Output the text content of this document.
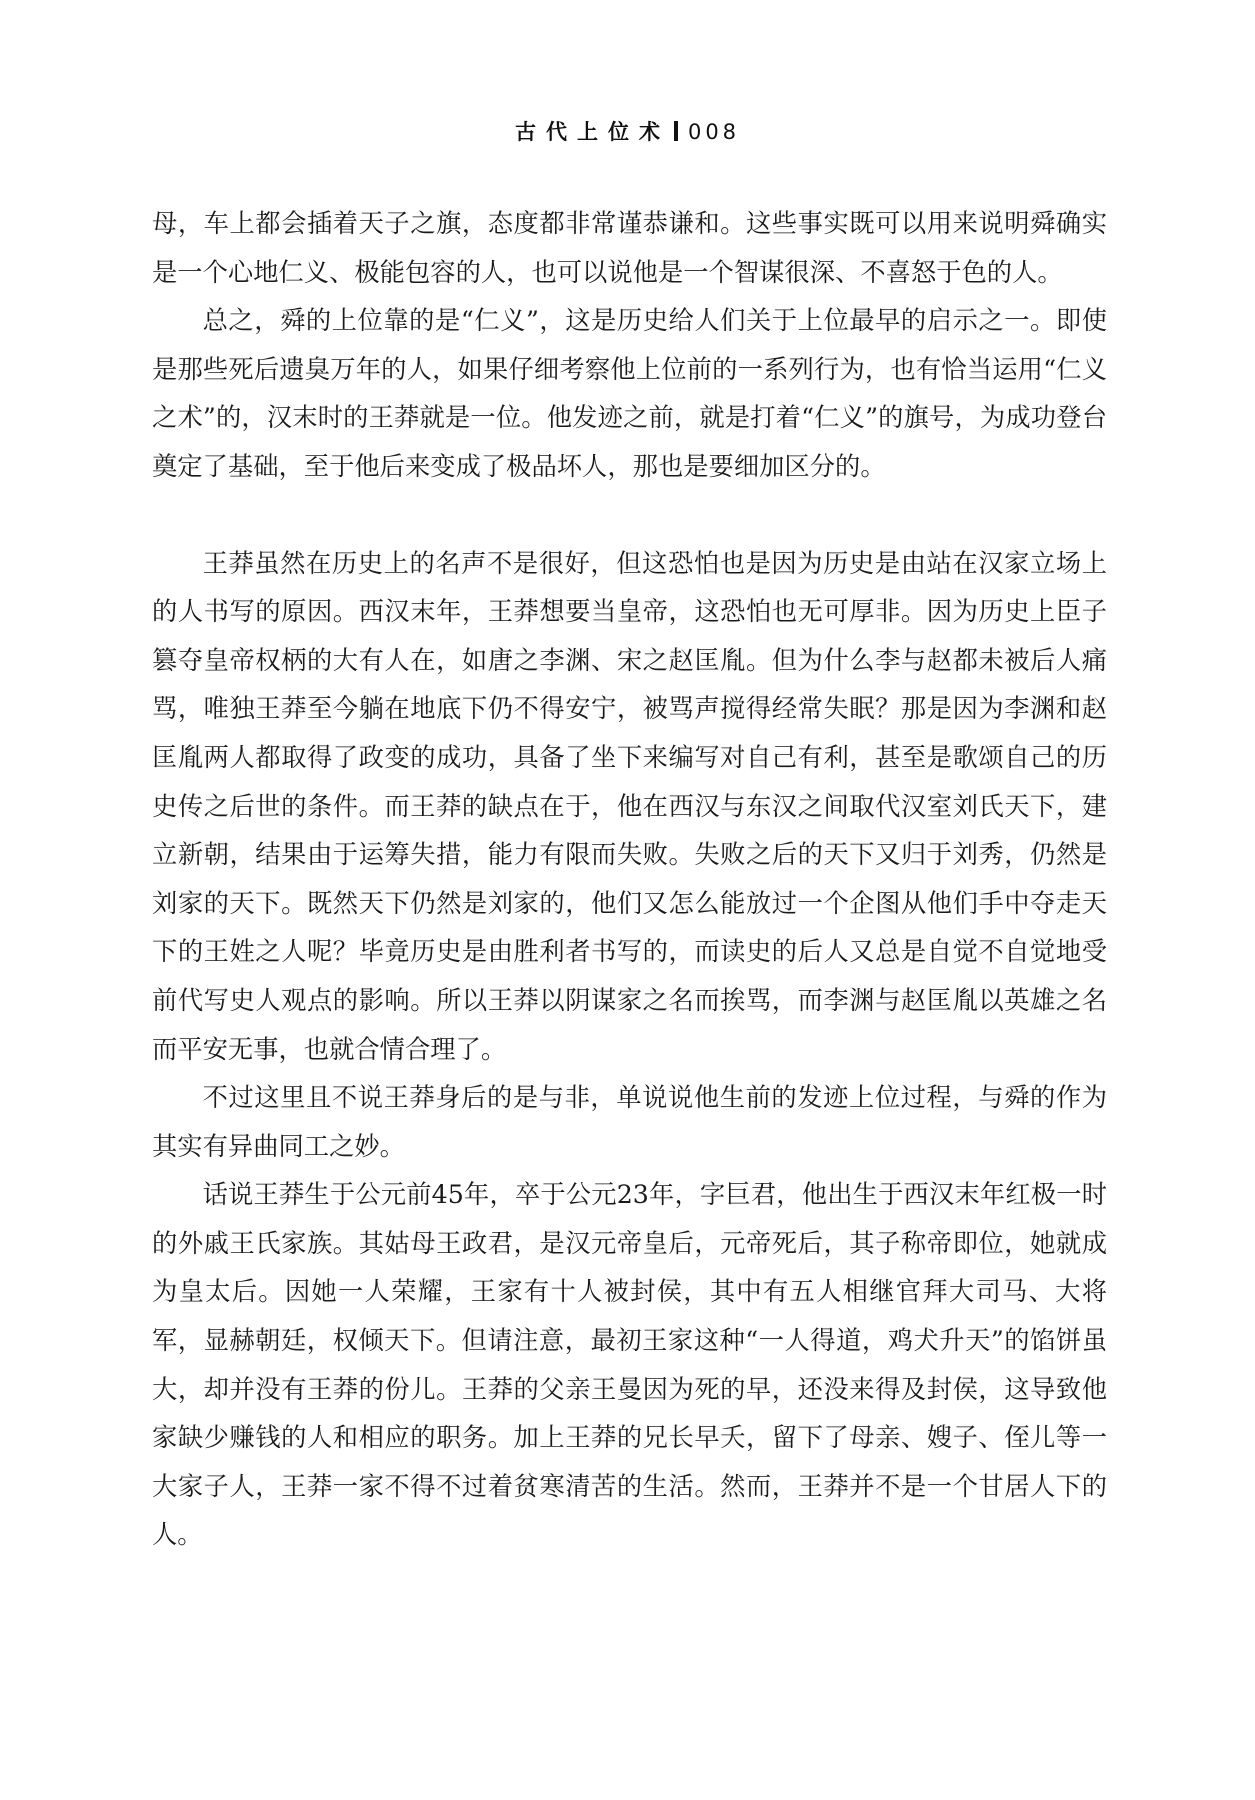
古代上位术 008

母，车上都会插着天子之旗，态度都非常谨恭谦和。这些事实既可以用来说明舜确实是一个心地仁义、极能包容的人，也可以说他是一个智谋很深、不喜怒于色的人。

总之，舜的上位靠的是“仁义”，这是历史给人们关于上位最早的启示之一。即使是那些死后遗臭万年的人，如果仔细考察他上位前的一系列行为，也有恰当运用“仁义之术”的，汉末时的王莽就是一位。他发迹之前，就是打着“仁义”的旗号，为成功登台奠定了基础，至于他后来变成了极品坏人，那也是要细加区分的。

王莽虽然在历史上的名声不是很好，但这恐怕也是因为历史是由站在汉家立场上的人书写的原因。西汉末年，王莽想要当皇帝，这恐怕也无可厚非。因为历史上臣子篡夺皇帝权柄的大有人在，如唐之李渊、宋之赵匡胤。但为什么李与赵都未被后人痛骂，唯独王莽至今躺在地底下仍不得安宁，被骂声搅得经常失眠？那是因为李渊和赵匡胤两人都取得了政变的成功，具备了坐下来编写对自己有利，甚至是歌颂自己的历史传之后世的条件。而王莽的缺点在于，他在西汉与东汉之间取代汉室刘氏天下，建立新朝，结果由于运筹失措，能力有限而失败。失败之后的天下又归于刘秀，仍然是刘家的天下。既然天下仍然是刘家的，他们又怎么能放过一个企图从他们手中夺走天下的王姓之人呢？毕竟历史是由胜利者书写的，而读史的后人又总是自觉不自觉地受前代写史人观点的影响。所以王莽以阴谋家之名而挨骂，而李渊与赵匡胤以英雄之名而平安无事，也就合情合理了。

不过这里且不说王莽身后的是与非，单说说他生前的发迹上位过程，与舜的作为其实有异曲同工之妙。

话说王莽生于公元前45年，卒于公元23年，字巨君，他出生于西汉末年红极一时的外戚王氏家族。其姑母王政君，是汉元帝皇后，元帝死后，其子称帝即位，她就成为皇太后。因她一人荣耀，王家有十人被封侯，其中有五人相继官拜大司马、大将军，显赫朝廷，权倾天下。但请注意，最初王家这种“一人得道，鸡犬升天”的馅饼虽大，却并没有王莽的份儿。王莽的父亲王曼因为死的早，还没来得及封侯，这导致他家缺少赚钱的人和相应的职务。加上王莽的兄长早夭，留下了母亲、嫂子、侄儿等一大家子人，王莽一家不得不过着贫寒清苦的生活。然而，王莽并不是一个甘居人下的人。
